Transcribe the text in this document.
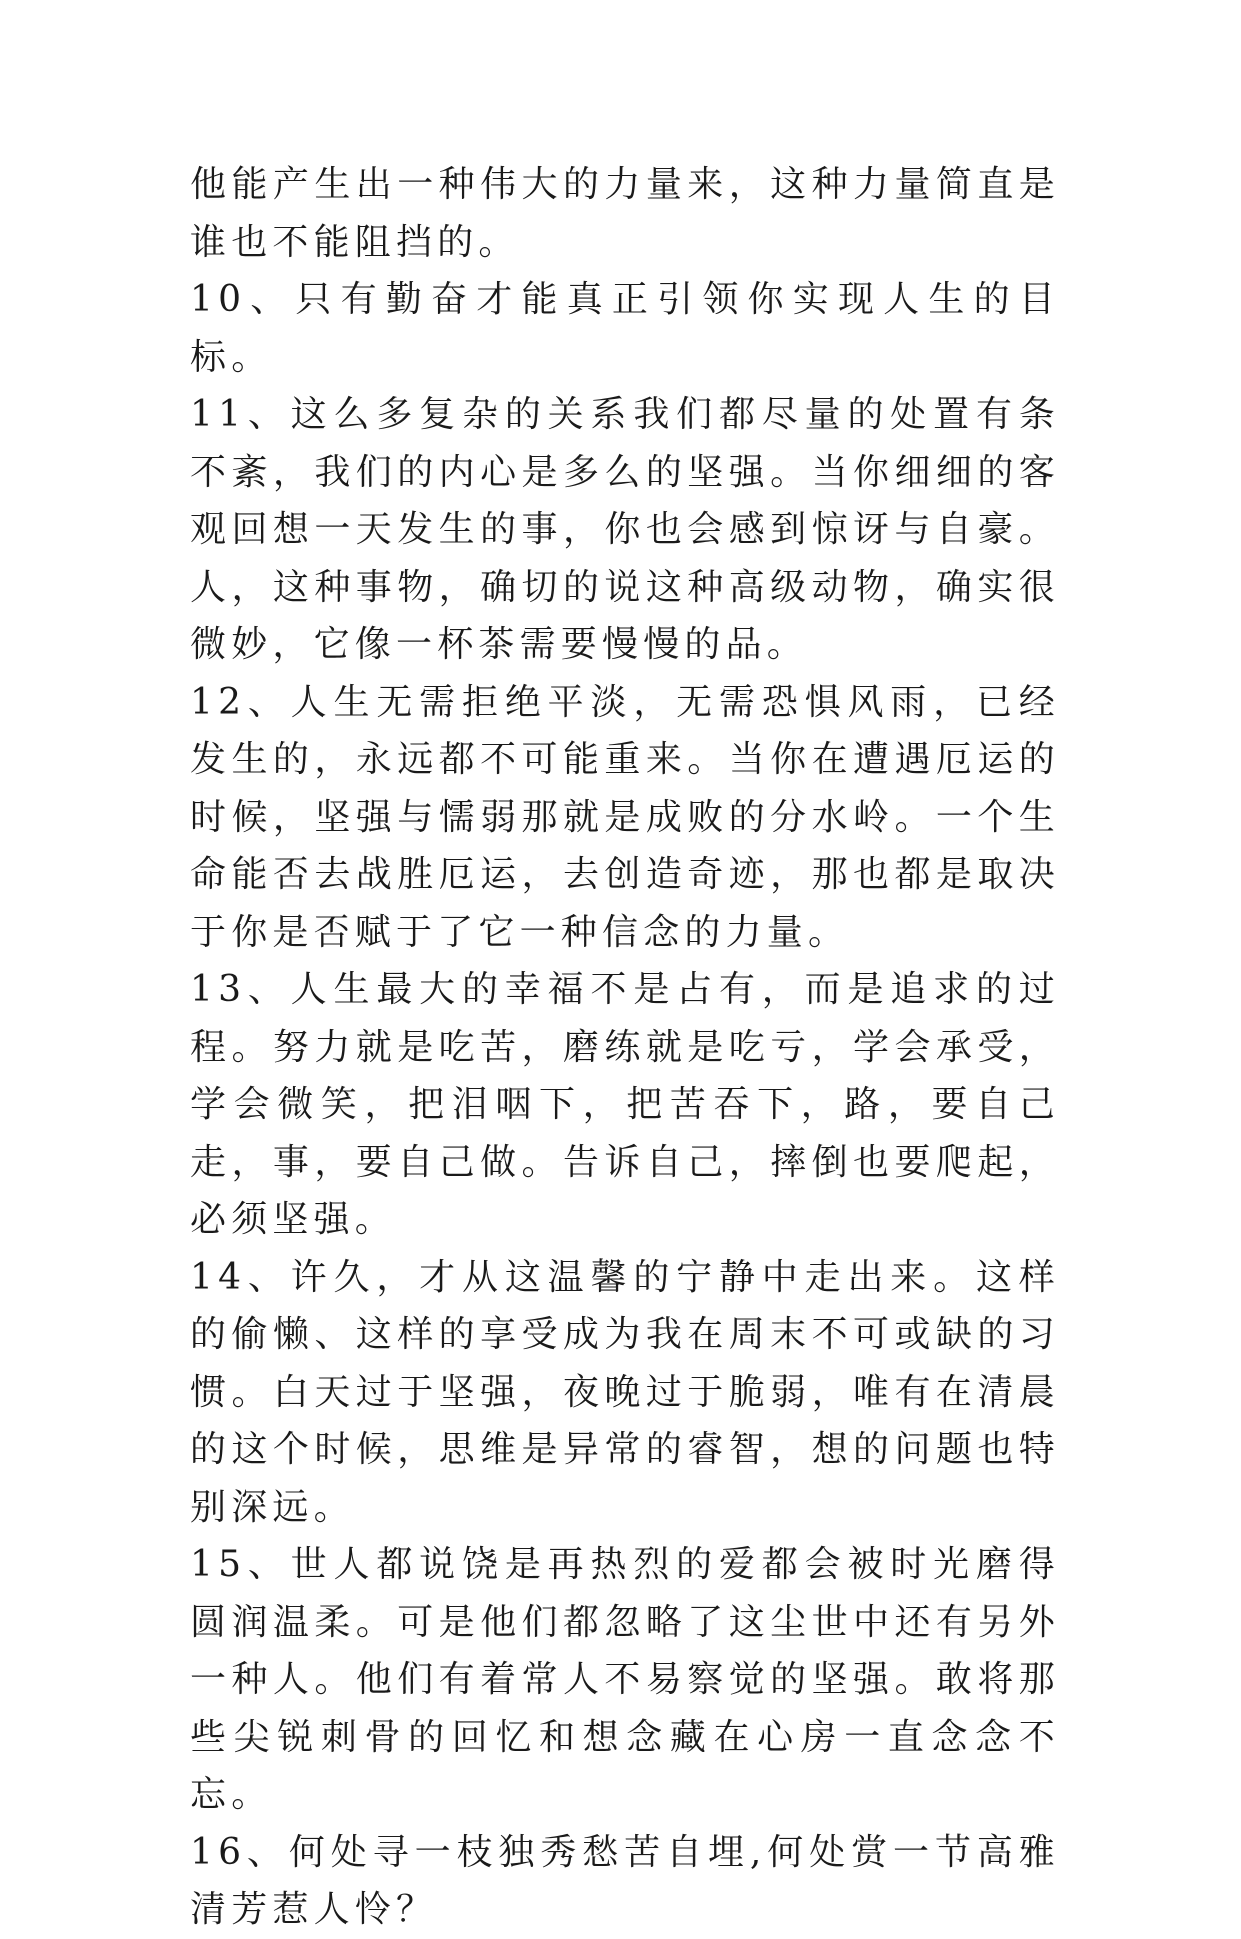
他能产生出一种伟大的力量来，这种力量简直是谁也不能阻挡的。

10、只有勤奋才能真正引领你实现人生的目标。

11、这么多复杂的关系我们都尽量的处置有条不紊，我们的内心是多么的坚强。当你细细的客观回想一天发生的事，你也会感到惊讶与自豪。人，这种事物，确切的说这种高级动物，确实很微妙，它像一杯茶需要慢慢的品。

12、人生无需拒绝平淡，无需恐惧风雨，已经发生的，永远都不可能重来。当你在遭遇厄运的时候，坚强与懦弱那就是成败的分水岭。一个生命能否去战胜厄运，去创造奇迹，那也都是取决于你是否赋于了它一种信念的力量。

13、人生最大的幸福不是占有，而是追求的过程。努力就是吃苦，磨练就是吃亏，学会承受，学会微笑，把泪咽下，把苦吞下，路，要自己走，事，要自己做。告诉自己，摔倒也要爬起，必须坚强。

14、许久，才从这温馨的宁静中走出来。这样的偷懒、这样的享受成为我在周末不可或缺的习惯。白天过于坚强，夜晚过于脆弱，唯有在清晨的这个时候，思维是异常的睿智，想的问题也特别深远。

15、世人都说饶是再热烈的爱都会被时光磨得圆润温柔。可是他们都忽略了这尘世中还有另外一种人。他们有着常人不易察觉的坚强。敢将那些尖锐刺骨的回忆和想念藏在心房一直念念不忘。

16、何处寻一枝独秀愁苦自埋,何处赏一节高雅清芳惹人怜？
